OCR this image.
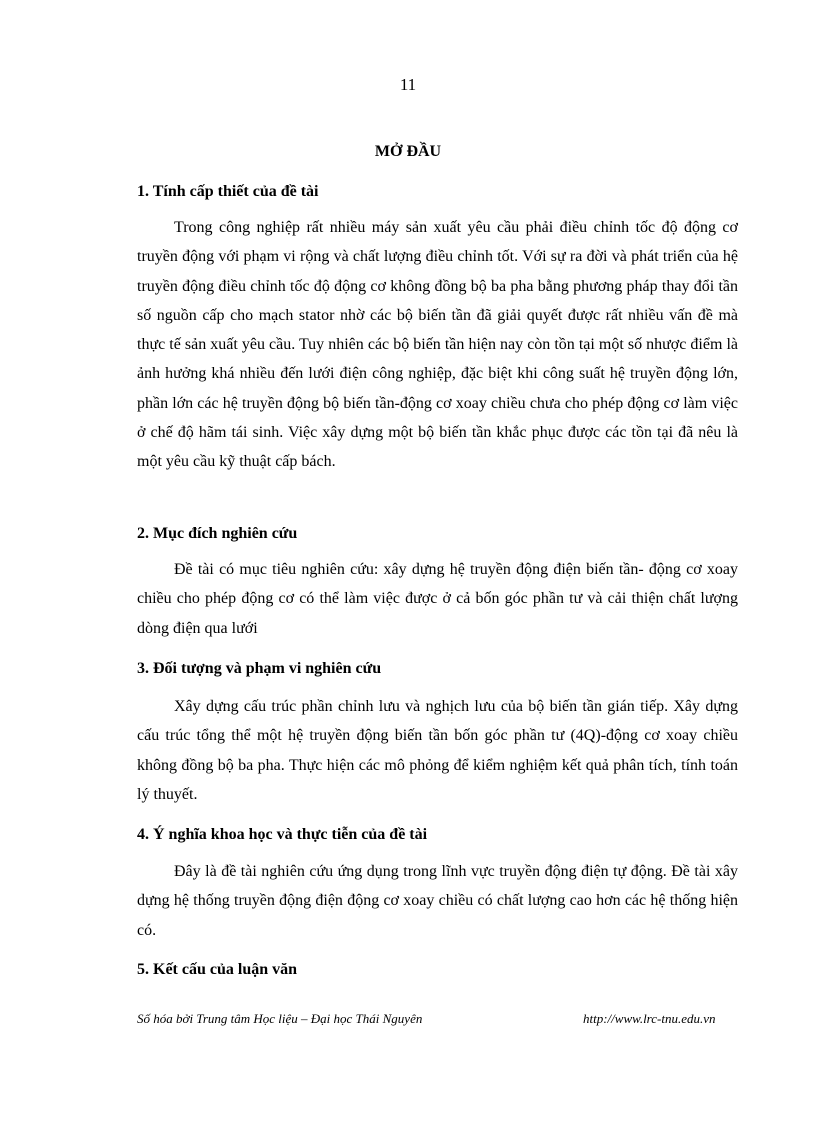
11
MỞ ĐẦU
1. Tính cấp thiết của đề tài

Trong công nghiệp rất nhiều máy sản xuất yêu cầu phải điều chỉnh tốc độ động cơ truyền động với phạm vi rộng và chất lượng điều chỉnh tốt. Với sự ra đời và phát triển của hệ truyền động điều chỉnh tốc độ động cơ không đồng bộ ba pha bằng phương pháp thay đổi tần số nguồn cấp cho mạch stator nhờ các bộ biến tần đã giải quyết được rất nhiều vấn đề mà thực tế sản xuất yêu cầu. Tuy nhiên các bộ biến tần hiện nay còn tồn tại một số nhược điểm là ảnh hưởng khá nhiều đến lưới điện công nghiệp, đặc biệt khi công suất hệ truyền động lớn, phần lớn các hệ truyền động bộ biến tần-động cơ xoay chiều chưa cho phép động cơ làm việc ở chế độ hãm tái sinh. Việc xây dựng một bộ biến tần khắc phục được các tồn tại đã nêu là một yêu cầu kỹ thuật cấp bách.

2. Mục đích nghiên cứu

Đề tài có mục tiêu nghiên cứu: xây dựng hệ truyền động điện biến tần- động cơ xoay chiều cho phép động cơ có thể làm việc được ở cả bốn góc phần tư và cải thiện chất lượng dòng điện qua lưới

3. Đối tượng và phạm vi nghiên cứu

Xây dựng cấu trúc phần chỉnh lưu và nghịch lưu của bộ biến tần gián tiếp. Xây dựng cấu trúc tổng thể một hệ truyền động biến tần bốn góc phần tư (4Q)-động cơ xoay chiều không đồng bộ ba pha. Thực hiện các mô phỏng để kiểm nghiệm kết quả phân tích, tính toán lý thuyết.

4. Ý nghĩa khoa học và thực tiễn của đề tài

Đây là đề tài nghiên cứu ứng dụng trong lĩnh vực truyền động điện tự động. Đề tài xây dựng hệ thống truyền động điện động cơ xoay chiều có chất lượng cao hơn các hệ thống hiện có.

5. Kết cấu của luận văn
Số hóa bởi Trung tâm Học liệu – Đại học Thái Nguyên	http://www.lrc-tnu.edu.vn
